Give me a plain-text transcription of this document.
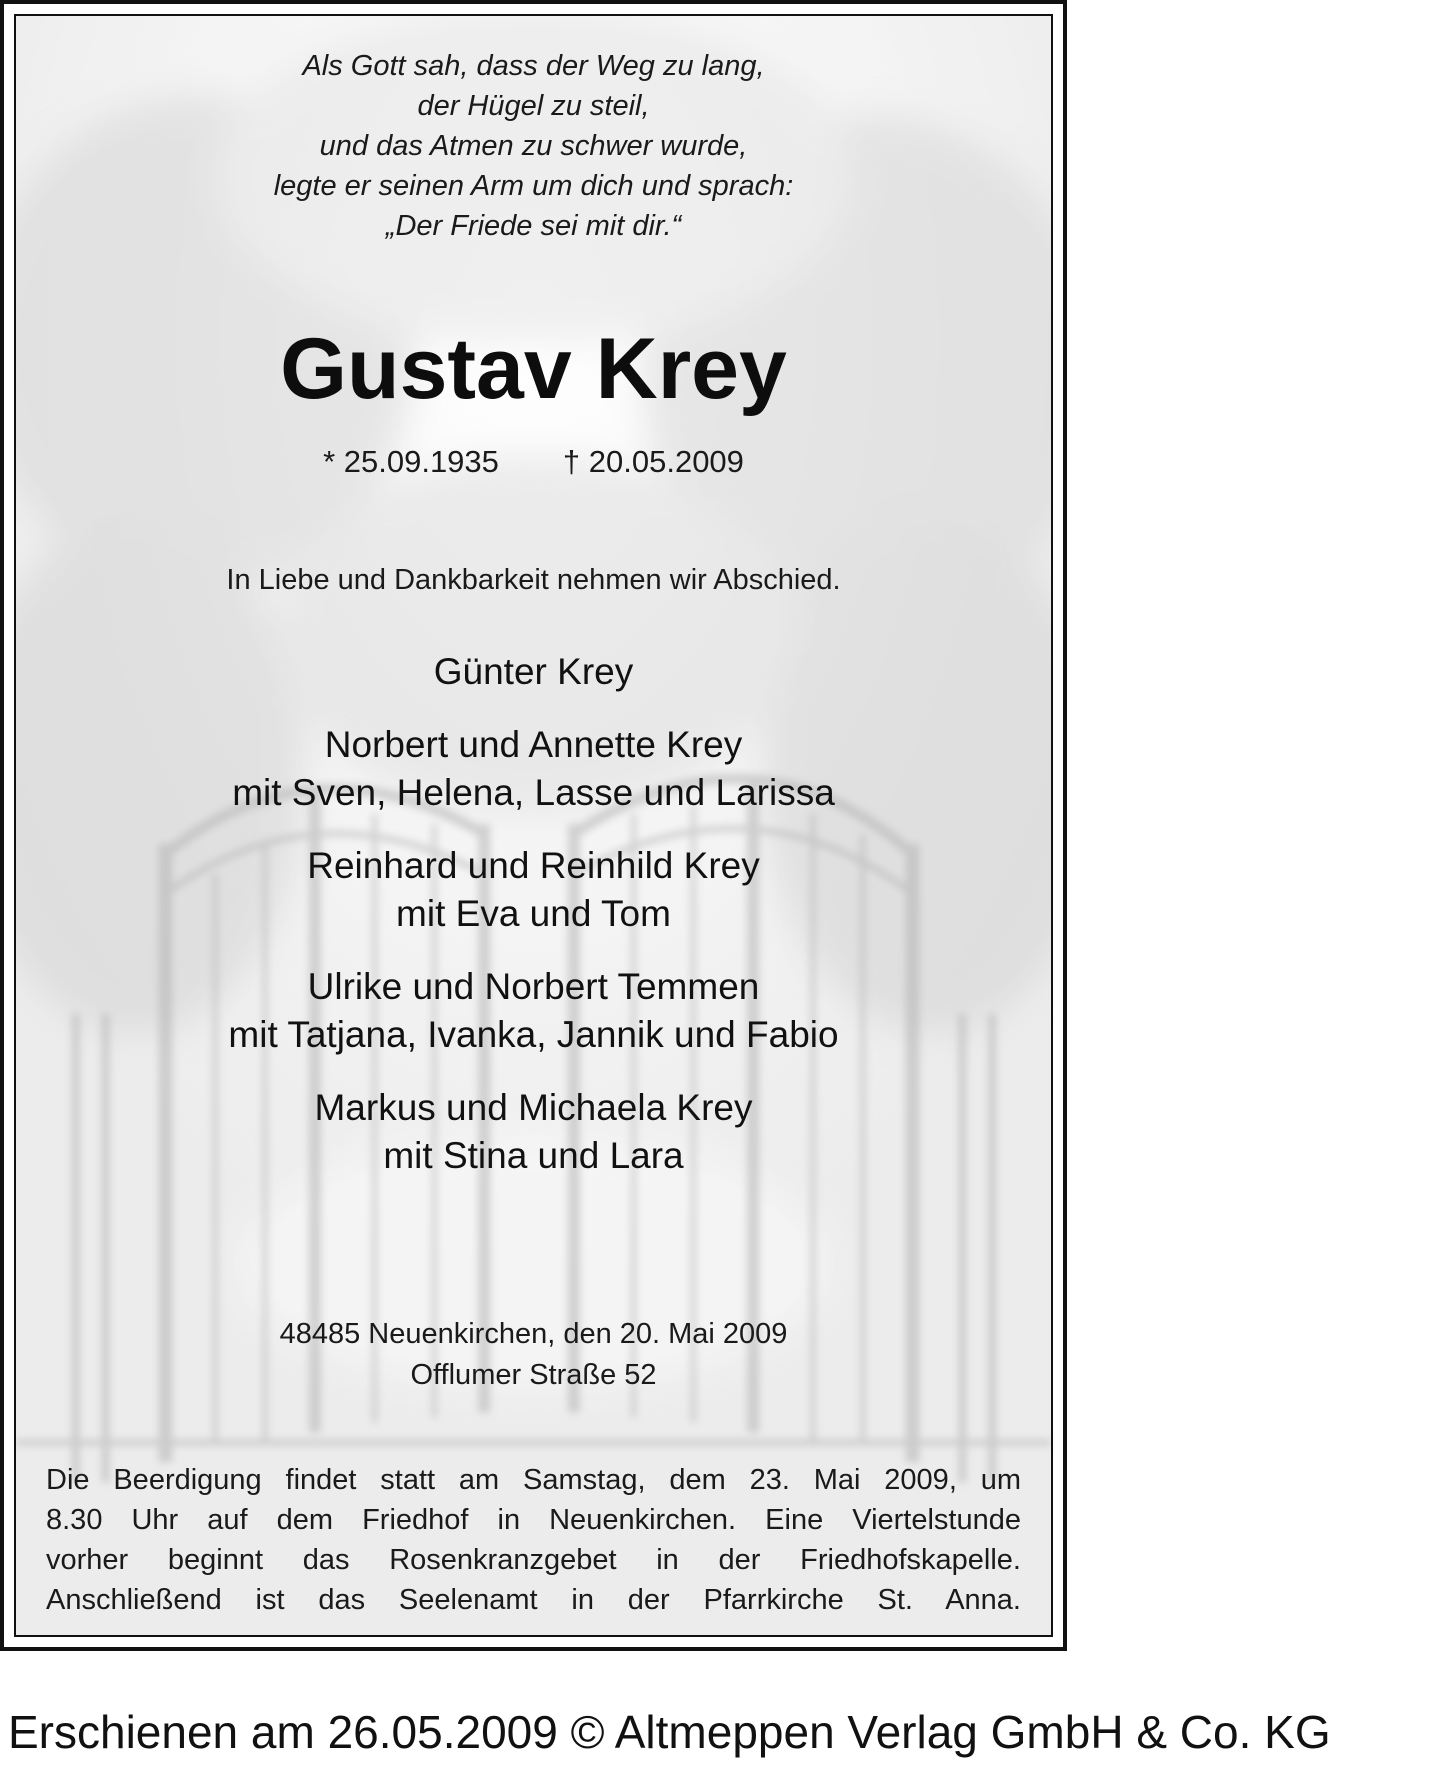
Als Gott sah, dass der Weg zu lang,
der Hügel zu steil,
und das Atmen zu schwer wurde,
legte er seinen Arm um dich und sprach:
„Der Friede sei mit dir.“
Gustav Krey
* 25.09.1935 † 20.05.2009
In Liebe und Dankbarkeit nehmen wir Abschied.
Günter Krey
Norbert und Annette Krey
mit Sven, Helena, Lasse und Larissa
Reinhard und Reinhild Krey
mit Eva und Tom
Ulrike und Norbert Temmen
mit Tatjana, Ivanka, Jannik und Fabio
Markus und Michaela Krey
mit Stina und Lara
48485 Neuenkirchen, den 20. Mai 2009
Offlumer Straße 52
Die Beerdigung findet statt am Samstag, dem 23. Mai 2009, um
8.30 Uhr auf dem Friedhof in Neuenkirchen. Eine Viertelstunde
vorher beginnt das Rosenkranzgebet in der Friedhofskapelle.
Anschließend ist das Seelenamt in der Pfarrkirche St. Anna.
Erschienen am 26.05.2009 © Altmeppen Verlag GmbH & Co. KG
